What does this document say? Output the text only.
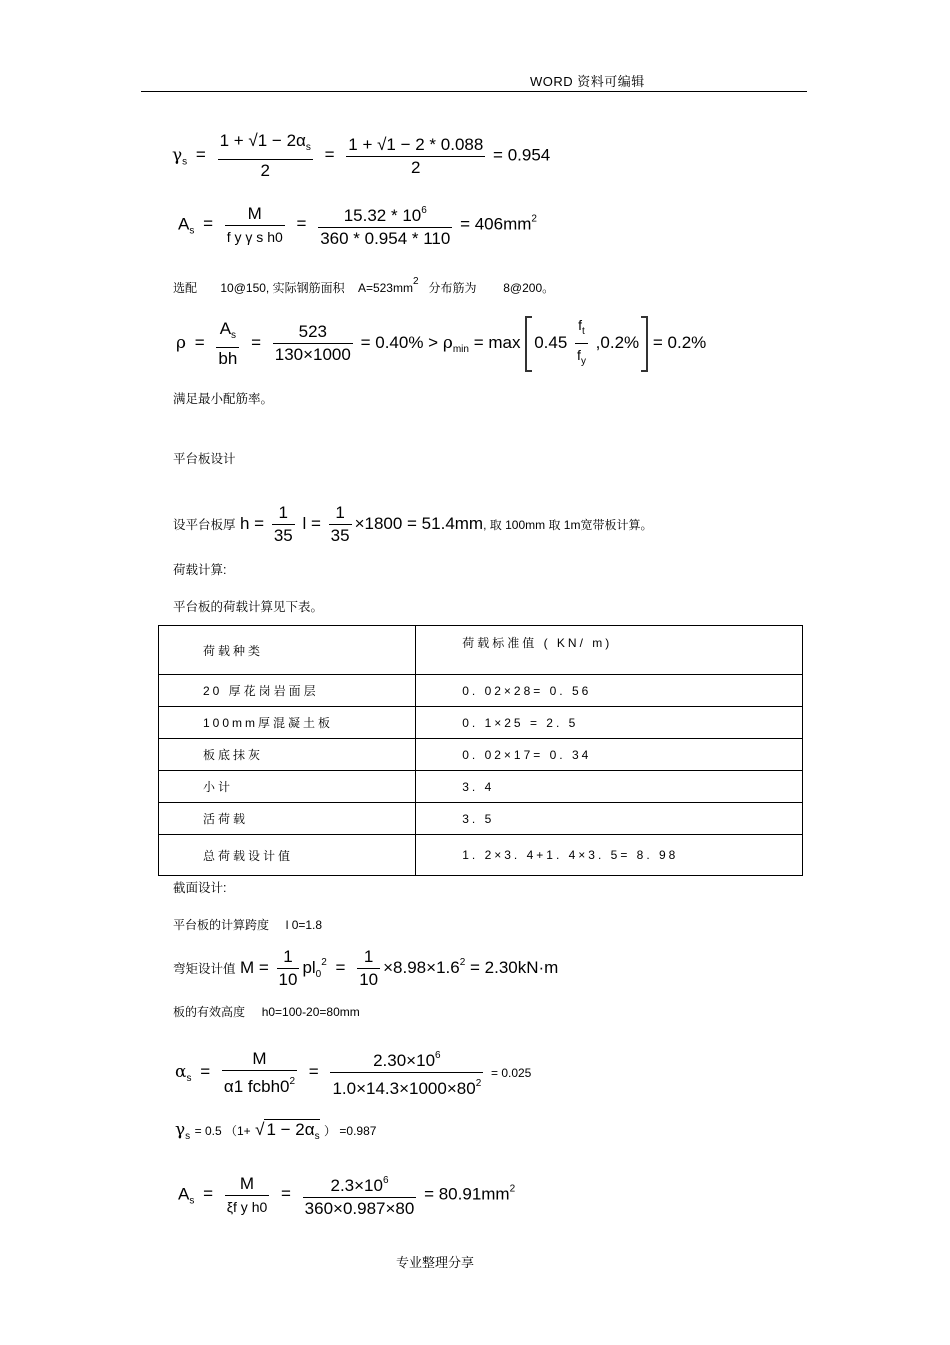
WORD 资料可编辑
$\gamma_s = \frac{1 + √1 - 2\alpha_s}{2} = \frac{1 + √1 - 2 * 0.088}{2} = 0.954$
$A_s = \frac{M}{\text{f y γ s h0}} = \frac{15.32 * 10^6}{360 * 0.954 * 110} = 406mm^2$
选配 10@150, 实际钢筋面积 $A=523mm^2$ 分布筋为 8@200。
$\rho = \frac{A_s}{bh} = \frac{523}{130\times 1000} = 0.40\% > \rho_{min} = \max 0.45 \frac{f_t}{f_y} ,0.2\% = 0.2\%$
满足最小配筋率。
平台板设计
设平台板厚 $h = \frac{1}{35}$ $l = \frac{1}{35} \times 1800 = 51.4mm$, 取 100mm 取 1m宽带板计算。
荷载计算:
平台板的荷载计算见下表。
荷载种类	荷载标准值 ( KN/ m)
20 厚花岗岩面层	0. 02×28= 0. 56
100mm厚混凝土板	0. 1×25 = 2. 5
板底抹灰	0. 02×17= 0. 34
小计	3. 4
活荷载	3. 5
总荷载设计值	1. 2×3. 4+1. 4×3. 5= 8. 98
截面设计:
平台板的计算跨度 l 0=1.8
弯矩设计值 $M = \frac{1}{10} pl_0^2 = \frac{1}{10} \times 8.98\times 1.6^2 = 2.30kN\cdot m$
板的有效高度 h0=100-20=80mm
$\alpha_s = \frac{M}{\alpha 1 fcbh0^2} = \frac{2.30\times 10^6}{1.0\times 14.3\times 1000\times 80^2} = 0.025$
$\gamma_s = 0.5$ （1+ √ $1 - 2\alpha_s$ ） =0.987
$A_s = \frac{M}{\text{ξf y h0}} = \frac{2.3\times 10^6}{360\times 0.987\times 80} = 80.91mm^2$
专业整理分享
